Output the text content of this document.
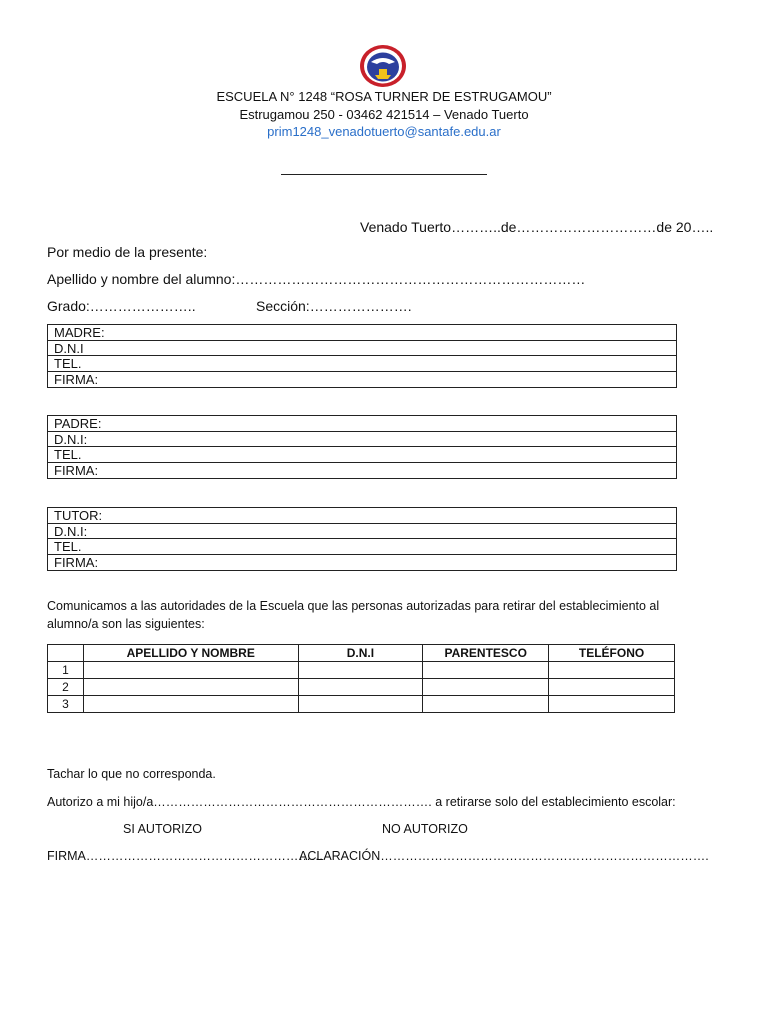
ESCUELA N° 1248 “ROSA TURNER DE ESTRUGAMOU”
Estrugamou 250 - 03462 421514 – Venado Tuerto
prim1248_venadotuerto@santafe.edu.ar
Venado Tuerto………..de…………………………de 20…..
Por medio de la presente:
Apellido y nombre del alumno:…………………………………………………………………
Grado:…………………..	Sección:………………….
MADRE:
D.N.I
TEL.
FIRMA:
PADRE:
D.N.I:
TEL.
FIRMA:
TUTOR:
D.N.I:
TEL.
FIRMA:
Comunicamos a las autoridades de la Escuela que las personas autorizadas para retirar del establecimiento al
alumno/a son las siguientes:
	APELLIDO Y NOMBRE	D.N.I	PARENTESCO	TELÉFONO
1				
2				
3				
Tachar lo que no corresponda.
Autorizo a mi hijo/a…………………………………………………………. a retirarse solo del establecimiento escolar:
SI AUTORIZO	NO AUTORIZO
FIRMA…………………………………………………
ACLARACIÓN…………………………………………………………………….
